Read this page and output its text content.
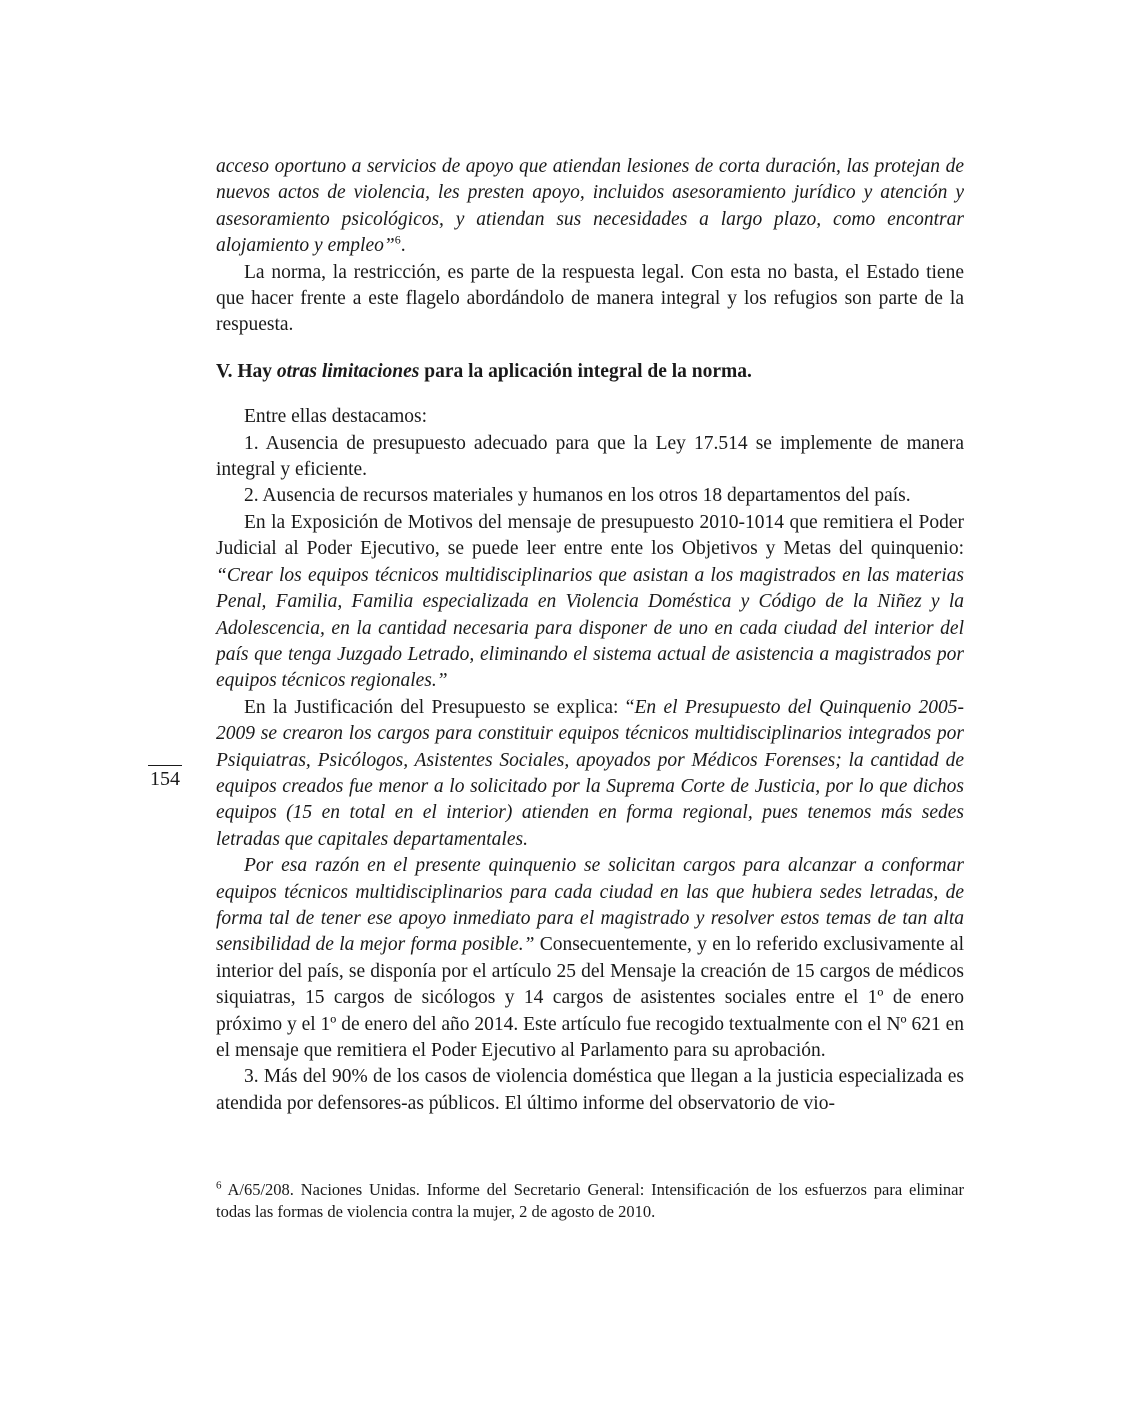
acceso oportuno a servicios de apoyo que atiendan lesiones de corta duración, las protejan de nuevos actos de violencia, les presten apoyo, incluidos asesoramiento jurídico y atención y asesoramiento psicológicos, y atiendan sus necesidades a largo plazo, como encontrar alojamiento y empleo”$^6$.

La norma, la restricción, es parte de la respuesta legal. Con esta no basta, el Estado tiene que hacer frente a este flagelo abordándolo de manera integral y los refugios son parte de la respuesta.

V. Hay otras limitaciones para la aplicación integral de la norma.

Entre ellas destacamos:

1. Ausencia de presupuesto adecuado para que la Ley 17.514 se implemente de manera integral y eficiente.

2. Ausencia de recursos materiales y humanos en los otros 18 departamentos del país.

En la Exposición de Motivos del mensaje de presupuesto 2010-1014 que remitiera el Poder Judicial al Poder Ejecutivo, se puede leer entre ente los Objetivos y Metas del quinquenio: “Crear los equipos técnicos multidisciplinarios que asistan a los magistrados en las materias Penal, Familia, Familia especializada en Violencia Doméstica y Código de la Niñez y la Adolescencia, en la cantidad necesaria para disponer de uno en cada ciudad del interior del país que tenga Juzgado Letrado, eliminando el sistema actual de asistencia a magistrados por equipos técnicos regionales.”

En la Justificación del Presupuesto se explica: “En el Presupuesto del Quinquenio 2005-2009 se crearon los cargos para constituir equipos técnicos multidisciplinarios integrados por Psiquiatras, Psicólogos, Asistentes Sociales, apoyados por Médicos Forenses; la cantidad de equipos creados fue menor a lo solicitado por la Suprema Corte de Justicia, por lo que dichos equipos (15 en total en el interior) atienden en forma regional, pues tenemos más sedes letradas que capitales departamentales.

Por esa razón en el presente quinquenio se solicitan cargos para alcanzar a conformar equipos técnicos multidisciplinarios para cada ciudad en las que hubiera sedes letradas, de forma tal de tener ese apoyo inmediato para el magistrado y resolver estos temas de tan alta sensibilidad de la mejor forma posible.” Consecuentemente, y en lo referido exclusivamente al interior del país, se disponía por el artículo 25 del Mensaje la creación de 15 cargos de médicos siquiatras, 15 cargos de sicólogos y 14 cargos de asistentes sociales entre el 1º de enero próximo y el 1º de enero del año 2014. Este artículo fue recogido textualmente con el Nº 621 en el mensaje que remitiera el Poder Ejecutivo al Parlamento para su aprobación.

3. Más del 90% de los casos de violencia doméstica que llegan a la justicia especializada es atendida por defensores-as públicos. El último informe del observatorio de vio-

154

$^6$ A/65/208. Naciones Unidas. Informe del Secretario General: Intensificación de los esfuerzos para eliminar todas las formas de violencia contra la mujer, 2 de agosto de 2010.
